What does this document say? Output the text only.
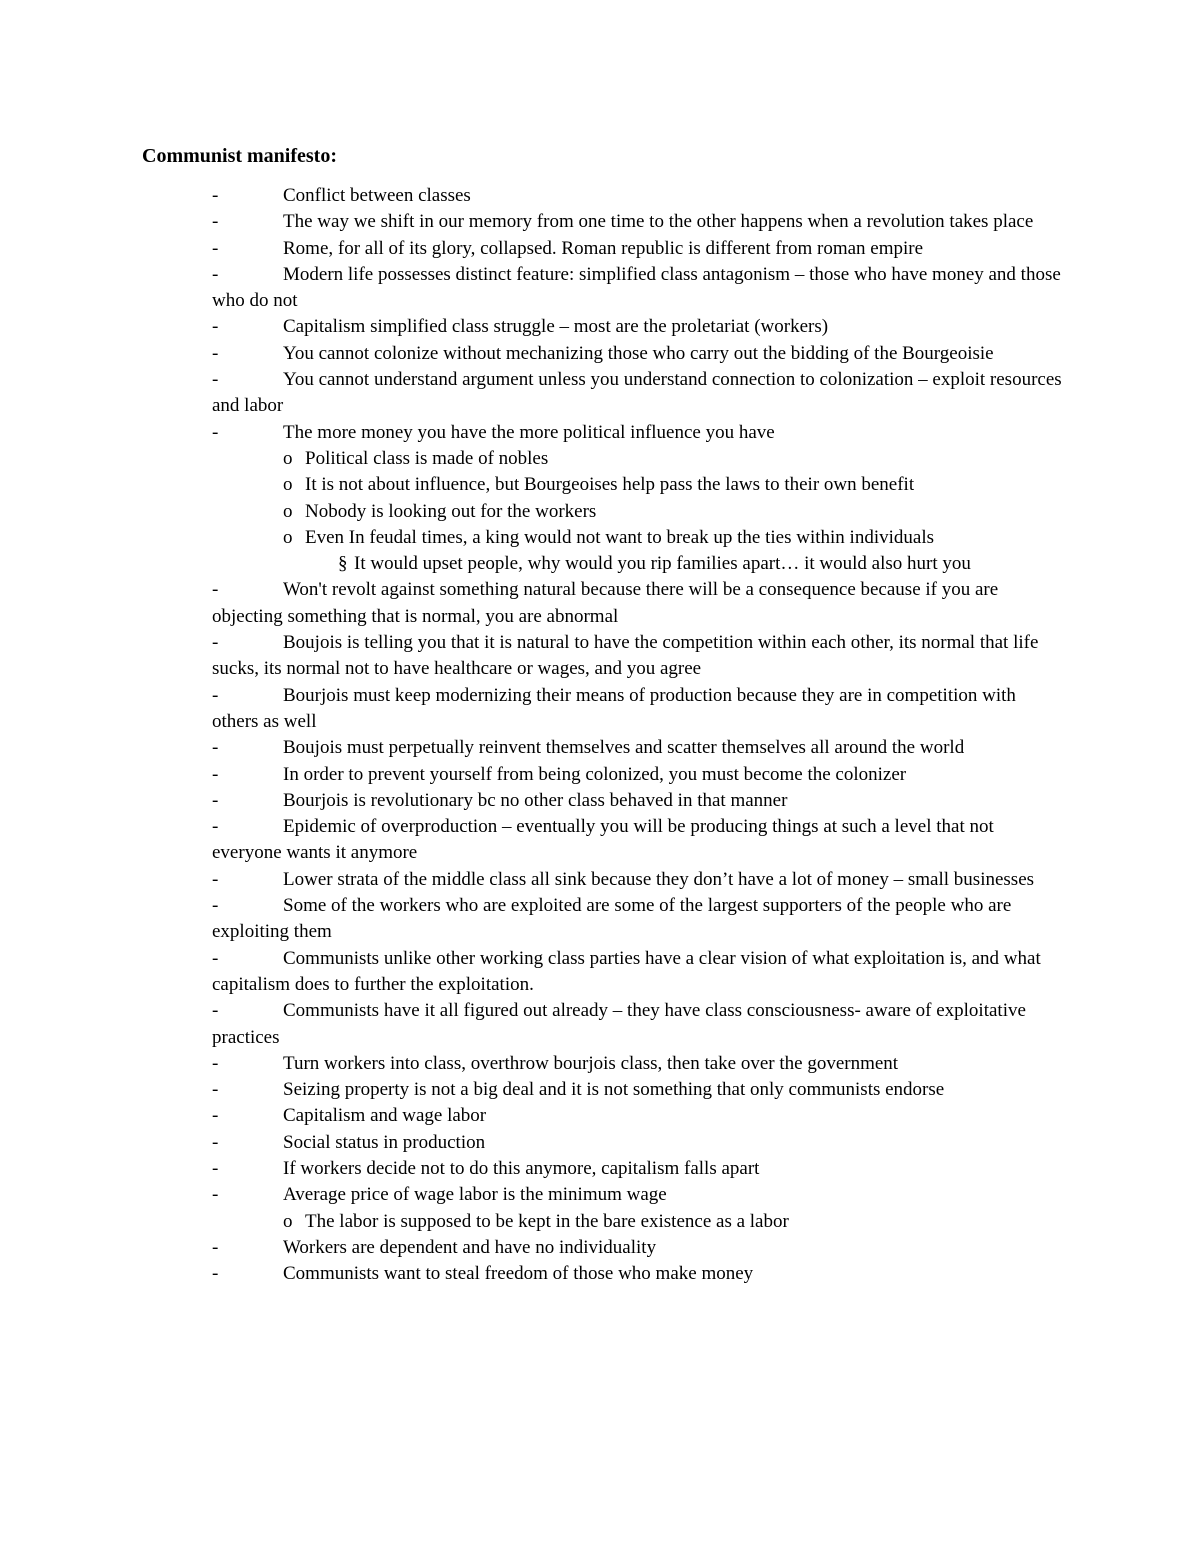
Communist manifesto:
-	Conflict between classes
-	The way we shift in our memory from one time to the other happens when a revolution takes place
-	Rome, for all of its glory, collapsed. Roman republic is different from roman empire
-	Modern life possesses distinct feature: simplified class antagonism – those who have money and those who do not
-	Capitalism simplified class struggle – most are the proletariat (workers)
-	You cannot colonize without mechanizing those who carry out the bidding of the Bourgeoisie
-	You cannot understand argument unless you understand connection to colonization – exploit resources and labor
-	The more money you have the more political influence you have
o Political class is made of nobles
o It is not about influence, but Bourgeoises help pass the laws to their own benefit
o Nobody is looking out for the workers
o Even In feudal times, a king would not want to break up the ties within individuals
§ It would upset people, why would you rip families apart… it would also hurt you
-	Won't revolt against something natural because there will be a consequence because if you are objecting something that is normal, you are abnormal
-	Boujois is telling you that it is natural to have the competition within each other, its normal that life sucks, its normal not to have healthcare or wages, and you agree
-	Bourjois must keep modernizing their means of production because they are in competition with others as well
-	Boujois must perpetually reinvent themselves and scatter themselves all around the world
-	In order to prevent yourself from being colonized, you must become the colonizer
-	Bourjois is revolutionary bc no other class behaved in that manner
-	Epidemic of overproduction – eventually you will be producing things at such a level that not everyone wants it anymore
-	Lower strata of the middle class all sink because they don’t have a lot of money – small businesses
-	Some of the workers who are exploited are some of the largest supporters of the people who are exploiting them
-	Communists unlike other working class parties have a clear vision of what exploitation is, and what capitalism does to further the exploitation.
-	Communists have it all figured out already – they have class consciousness- aware of exploitative practices
-	Turn workers into class, overthrow bourjois class, then take over the government
-	Seizing property is not a big deal and it is not something that only communists endorse
-	Capitalism and wage labor
-	Social status in production
-	If workers decide not to do this anymore, capitalism falls apart
-	Average price of wage labor is the minimum wage
o The labor is supposed to be kept in the bare existence as a labor
-	Workers are dependent and have no individuality
-	Communists want to steal freedom of those who make money
